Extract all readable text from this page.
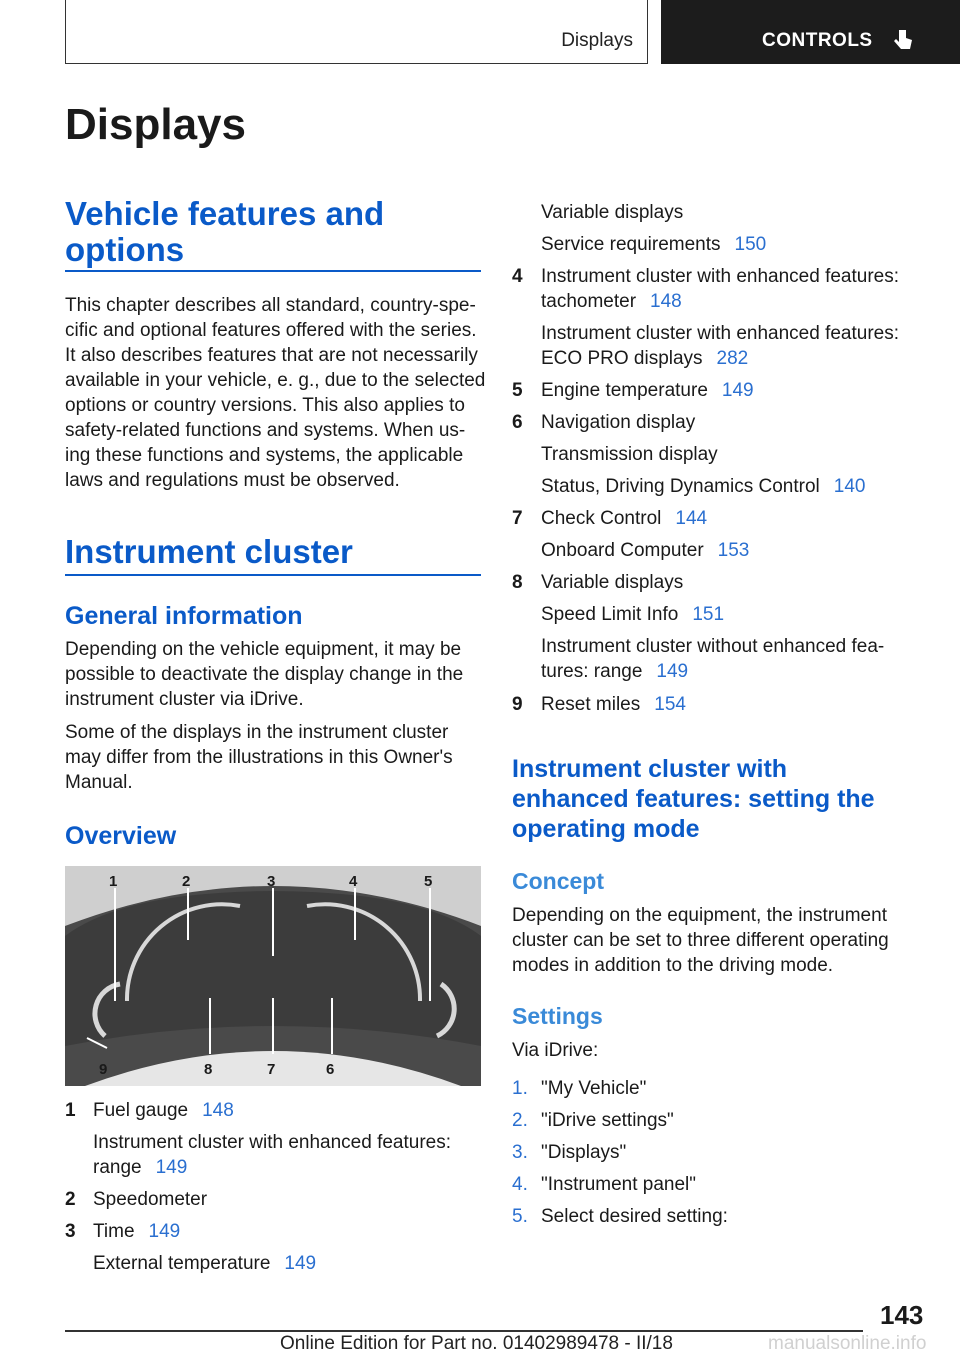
Displays	CONTROLS
Displays
Vehicle features and
options
This chapter describes all standard, country-spe-
cific and optional features offered with the series.
It also describes features that are not necessarily
available in your vehicle, e. g., due to the selected
options or country versions. This also applies to
safety-related functions and systems. When us-
ing these functions and systems, the applicable
laws and regulations must be observed.
Instrument cluster
General information
Depending on the vehicle equipment, it may be
possible to deactivate the display change in the
instrument cluster via iDrive.
Some of the displays in the instrument cluster
may differ from the illustrations in this Owner's
Manual.
Overview
1	2	3	4	5
9	8	7	6
1 Fuel gauge 148
Instrument cluster with enhanced features:
range 149
2 Speedometer
3 Time 149
External temperature 149
Variable displays
Service requirements 150
4 Instrument cluster with enhanced features:
tachometer 148
Instrument cluster with enhanced features:
ECO PRO displays 282
5 Engine temperature 149
6 Navigation display
Transmission display
Status, Driving Dynamics Control 140
7 Check Control 144
Onboard Computer 153
8 Variable displays
Speed Limit Info 151
Instrument cluster without enhanced fea-
tures: range 149
9 Reset miles 154
Instrument cluster with
enhanced features: setting the
operating mode
Concept
Depending on the equipment, the instrument
cluster can be set to three different operating
modes in addition to the driving mode.
Settings
Via iDrive:
1. "My Vehicle"
2. "iDrive settings"
3. "Displays"
4. "Instrument panel"
5. Select desired setting:
143
Online Edition for Part no. 01402989478 - II/18	manualsonline.info
